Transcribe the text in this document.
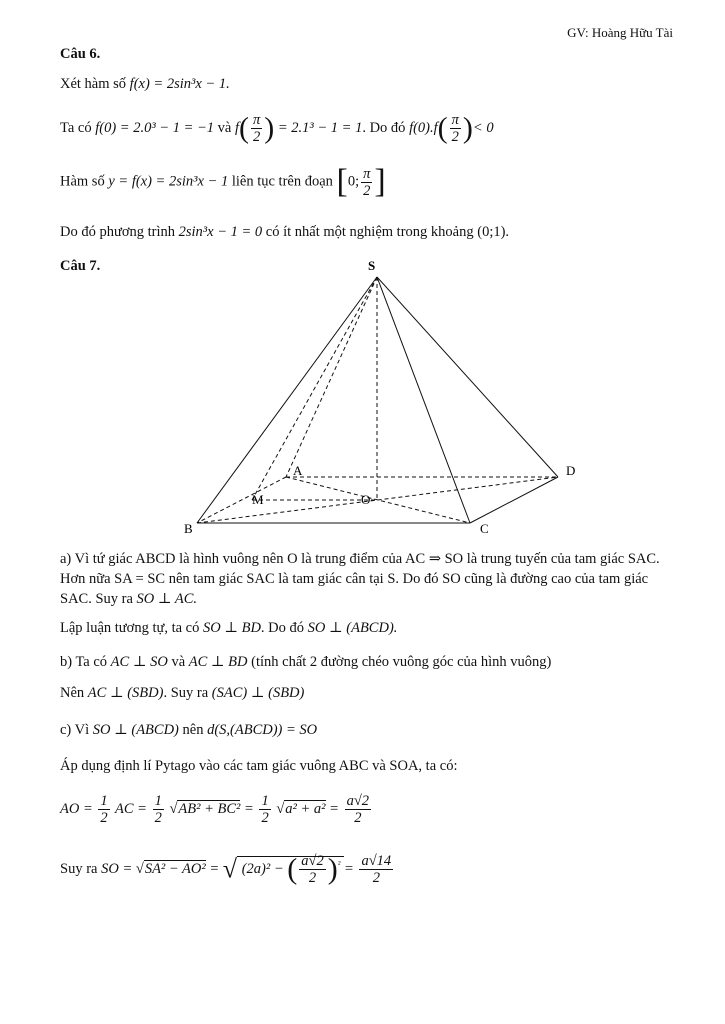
GV: Hoàng Hữu Tài
Câu 6.
Xét hàm số f(x) = 2sin³x − 1.
Ta có f(0) = 2.0³ − 1 = −1 và $f( \frac{\pi}{2}$ ) = 2.1³ − 1 = 1. Do đó $f(0).f( \frac{\pi}{2}$ )< 0
Hàm số y = f(x) = 2sin³x − 1 liên tục trên đoạn [0; $\frac{\pi}{2}$ ]
Do đó phương trình 2sin³x − 1 = 0 có ít nhất một nghiệm trong khoảng (0;1).
Câu 7.	S
A	D
M	O
B	C
a) Vì tứ giác ABCD là hình vuông nên O là trung điểm của AC ⇒ SO là trung tuyến của tam giác SAC. Hơn nữa SA = SC nên tam giác SAC là tam giác cân tại S. Do đó SO cũng là đường cao của tam giác SAC. Suy ra SO ⊥ AC.
Lập luận tương tự, ta có SO ⊥ BD. Do đó SO ⊥ (ABCD).
b) Ta có AC ⊥ SO và AC ⊥ BD (tính chất 2 đường chéo vuông góc của hình vuông)
Nên AC ⊥ (SBD). Suy ra (SAC) ⊥ (SBD)
c) Vì SO ⊥ (ABCD) nên d(S,(ABCD)) = SO
Áp dụng định lí Pytago vào các tam giác vuông ABC và SOA, ta có:
AO = $\frac{1}{2}$ AC = $\frac{1}{2} √AB^2 + BC^2 = \frac{1}{2} √a^2 + a^2 = \frac{a√2}{2}$
Suy ra SO = √SA² − AO² = √ (2a)² − ( $\frac{a√2}{2} )^{^2} = \frac{a√14}{2}$
